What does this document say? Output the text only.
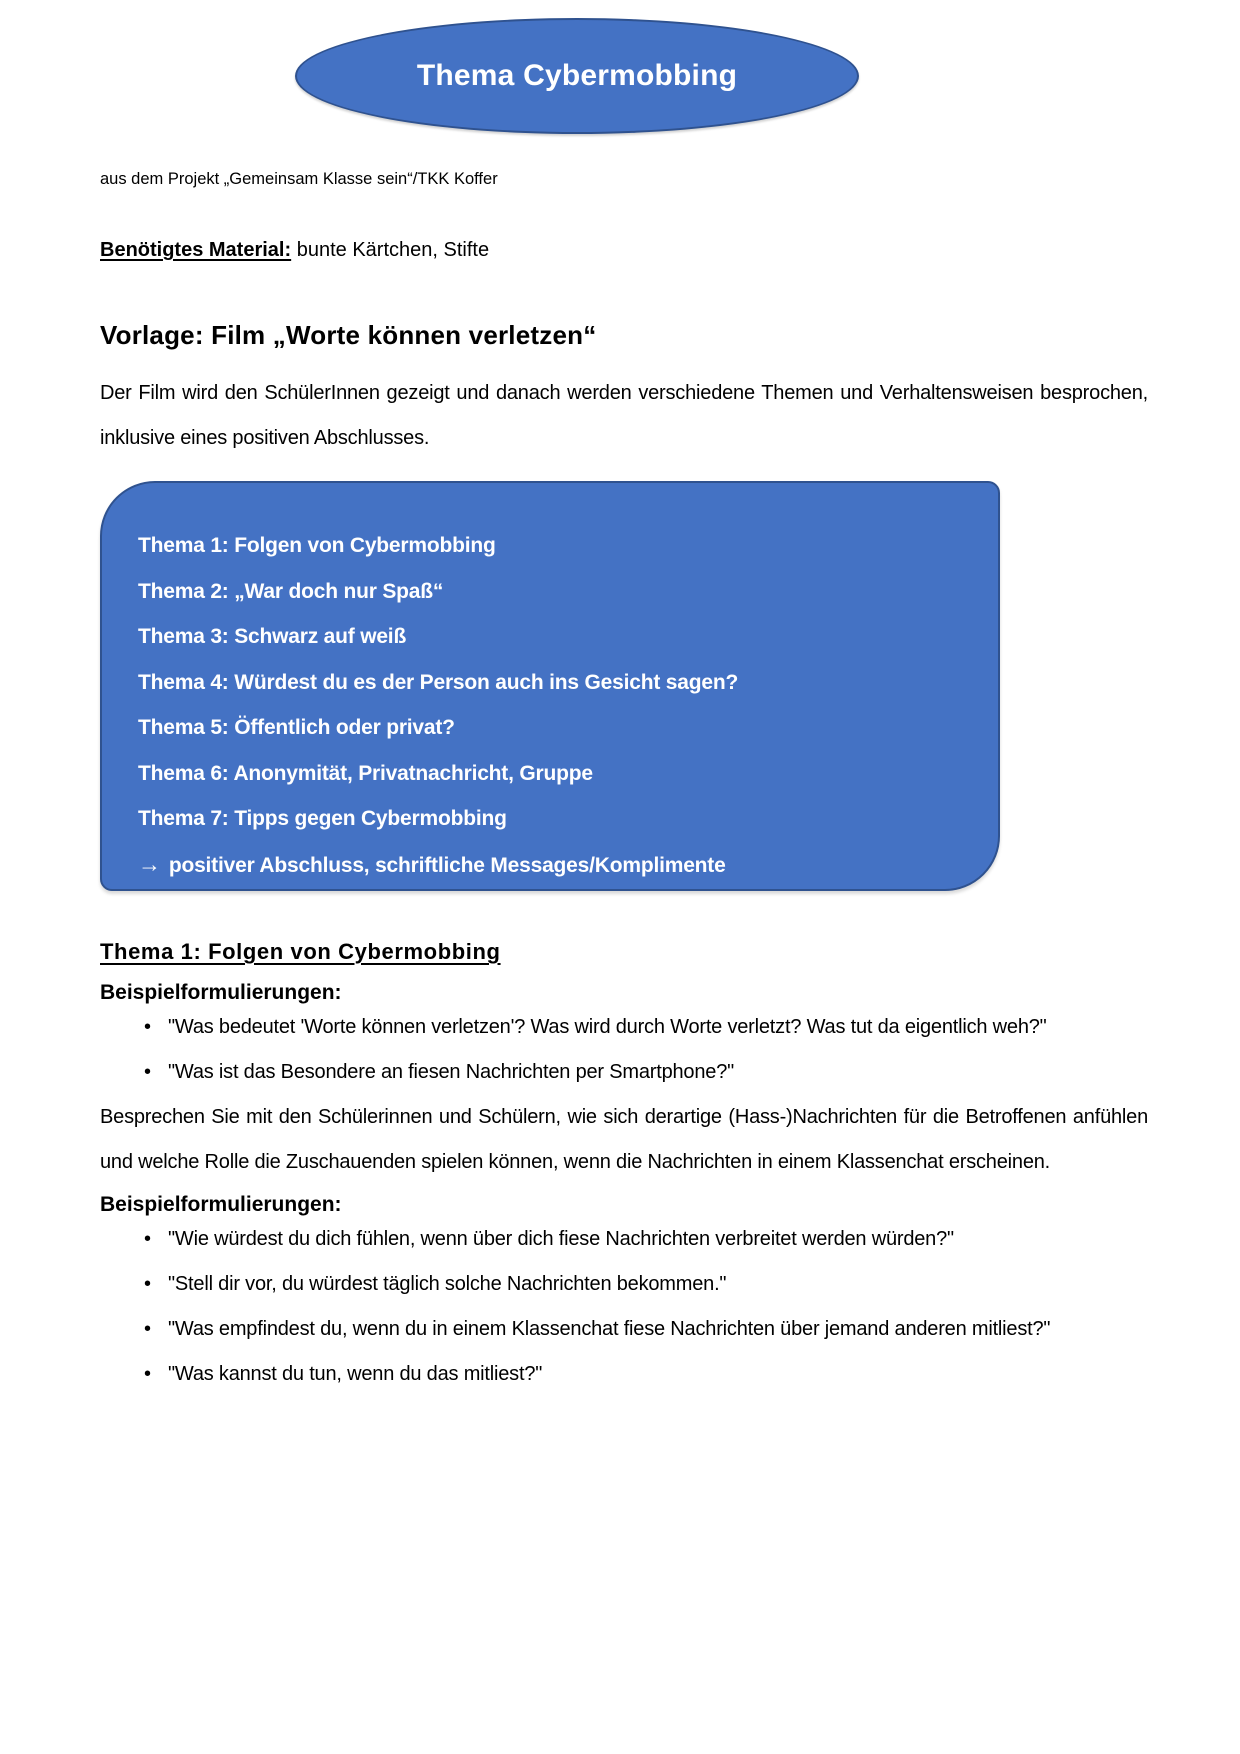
Thema Cybermobbing
aus dem Projekt „Gemeinsam Klasse sein“/TKK Koffer
Benötigtes Material: bunte Kärtchen, Stifte
Vorlage: Film „Worte können verletzen“
Der Film wird den SchülerInnen gezeigt und danach werden verschiedene Themen und Verhaltensweisen besprochen, inklusive eines positiven Abschlusses.

Thema 1: Folgen von Cybermobbing

Thema 2: „War doch nur Spaß“

Thema 3: Schwarz auf weiß

Thema 4: Würdest du es der Person auch ins Gesicht sagen?

Thema 5: Öffentlich oder privat?

Thema 6: Anonymität, Privatnachricht, Gruppe

Thema 7: Tipps gegen Cybermobbing

→ positiver Abschluss, schriftliche Messages/Komplimente

Thema 1: Folgen von Cybermobbing
Beispielformulierungen:
• "Was bedeutet 'Worte können verletzen'? Was wird durch Worte verletzt? Was tut da eigentlich weh?"
• "Was ist das Besondere an fiesen Nachrichten per Smartphone?"
Besprechen Sie mit den Schülerinnen und Schülern, wie sich derartige (Hass-)Nachrichten für die Betroffenen anfühlen und welche Rolle die Zuschauenden spielen können, wenn die Nachrichten in einem Klassenchat erscheinen.
Beispielformulierungen:
• "Wie würdest du dich fühlen, wenn über dich fiese Nachrichten verbreitet werden würden?"
• "Stell dir vor, du würdest täglich solche Nachrichten bekommen."
• "Was empfindest du, wenn du in einem Klassenchat fiese Nachrichten über jemand anderen mitliest?"
• "Was kannst du tun, wenn du das mitliest?"
